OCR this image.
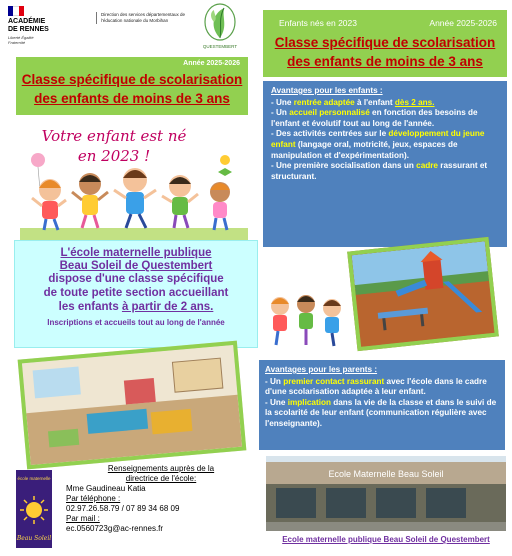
ACADÉMIE DE RENNES
Liberté Égalité Fraternité
Direction des services départementaux de l'éducation nationale du Morbihan
QUESTEMBERT
Année 2025-2026
Classe spécifique de scolarisation
des enfants de moins de 3 ans
Enfants nés en 2023	Année 2025-2026
Classe spécifique de scolarisation
des enfants de moins de 3 ans
Votre enfant est né
en 2023 !
L'école maternelle publique
Beau Soleil de Questembert
dispose d'une classe spécifique
de toute petite section accueillant
les enfants à partir de 2 ans.
Inscriptions et accueils tout au long de l'année
Avantages pour les enfants :
- Une rentrée adaptée à l'enfant dès 2 ans.
- Un accueil personnalisé en fonction des besoins de l'enfant et évolutif tout au long de l'année.
- Des activités centrées sur le développement du jeune enfant (langage oral, motricité, jeux, espaces de manipulation et d'expérimentation).
- Une première socialisation dans un cadre rassurant et structurant.
Avantages pour les parents :
- Un premier contact rassurant avec l'école dans le cadre d'une scolarisation adaptée à leur enfant.
- Une implication dans la vie de la classe et dans le suivi de la scolarité de leur enfant (communication régulière avec l'enseignante).
école maternelle
Beau Soleil
Renseignements auprès de la
directrice de l'école:
Mme Gaudineau Katia
Par téléphone :
02.97.26.58.79 / 07 89 34 68 09
Par mail :
ec.0560723g@ac-rennes.fr
Ecole Maternelle Beau Soleil
Ecole maternelle publique Beau Soleil de Questembert
